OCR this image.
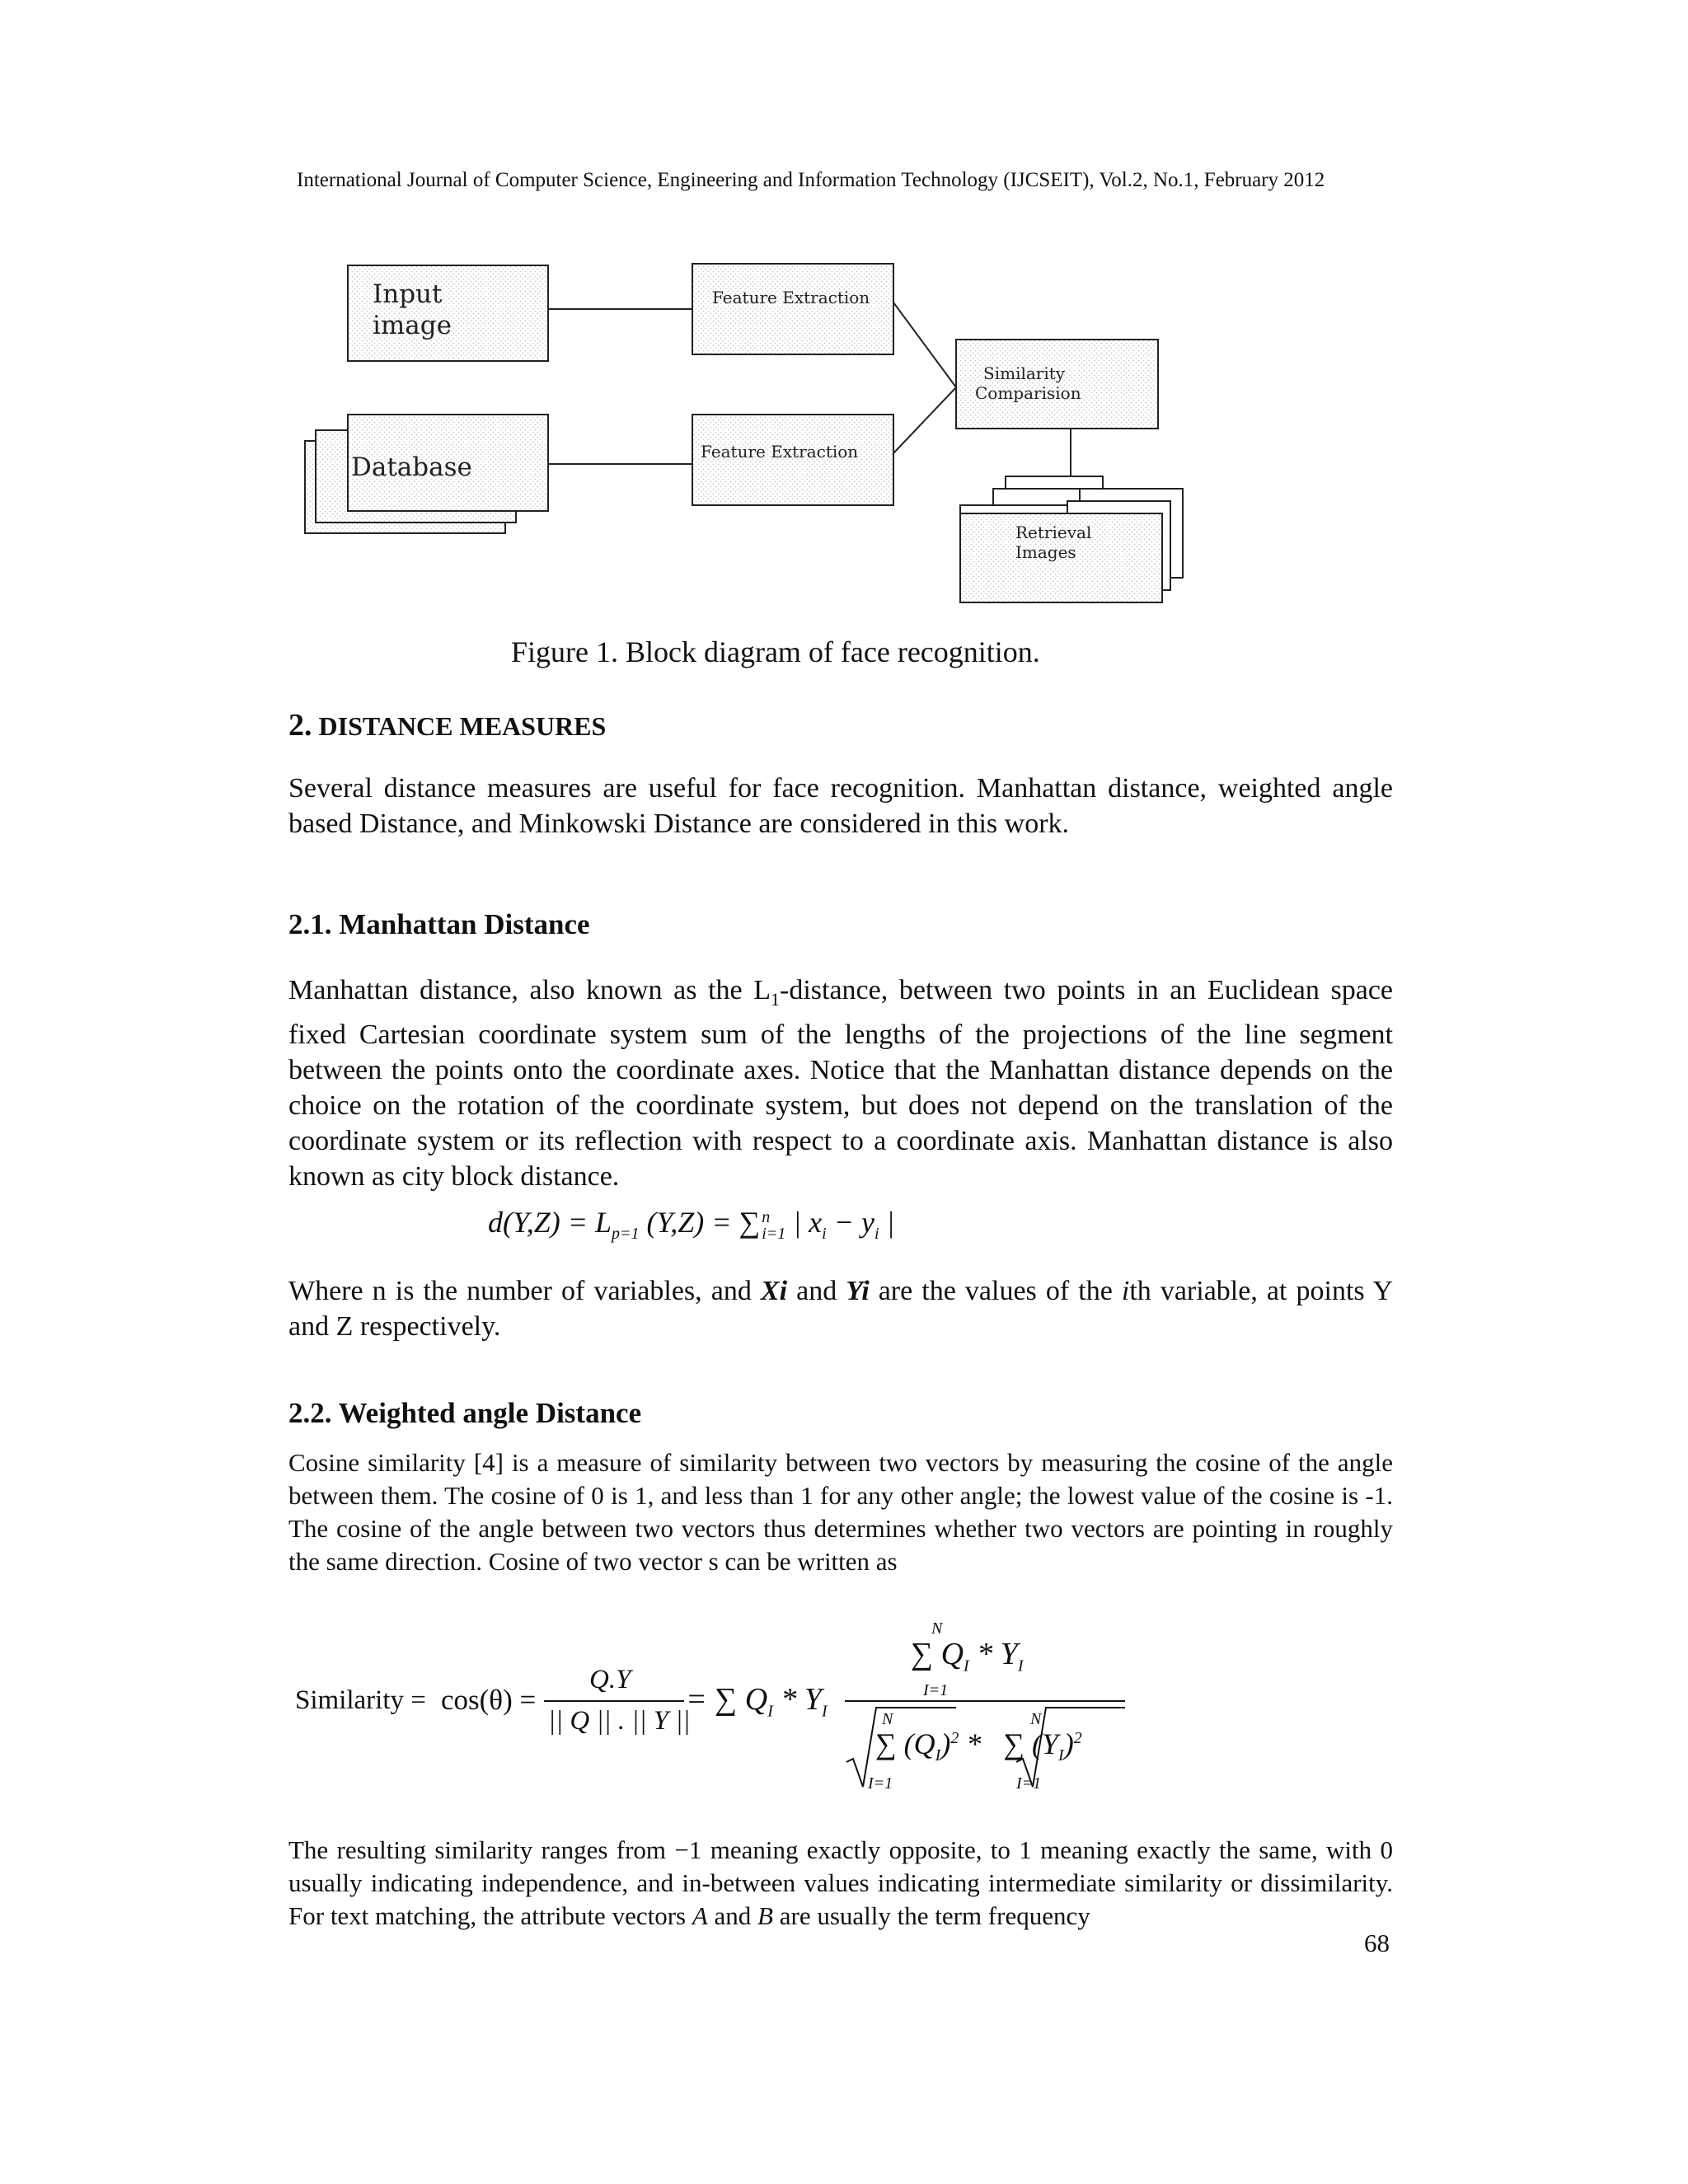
International Journal of Computer Science, Engineering and Information Technology (IJCSEIT), Vol.2, No.1, February 2012
Input
image
Database
Feature Extraction
Feature Extraction
Similarity
Comparision
Retrieval
Images
Figure 1. Block diagram of face recognition.
2. DISTANCE MEASURES
Several distance measures are useful for face recognition. Manhattan distance, weighted angle based Distance, and Minkowski Distance are considered in this work.
2.1. Manhattan Distance
Manhattan distance, also known as the $L_1$-distance, between two points in an Euclidean space fixed Cartesian coordinate system sum of the lengths of the projections of the line segment between the points onto the coordinate axes. Notice that the Manhattan distance depends on the choice on the rotation of the coordinate system, but does not depend on the translation of the coordinate system or its reflection with respect to a coordinate axis. Manhattan distance is also known as city block distance.
$d(Y,Z) = L_{p=1}$ (Y,Z) = ∑ n
i=1 | $x_i - y_i$ |
Where n is the number of variables, and Xi and Yi are the values of the ith variable, at points Y and Z respectively.
2.2. Weighted angle Distance
Cosine similarity [4] is a measure of similarity between two vectors by measuring the cosine of the angle between them. The cosine of 0 is 1, and less than 1 for any other angle; the lowest value of the cosine is -1. The cosine of the angle between two vectors thus determines whether two vectors are pointing in roughly the same direction. Cosine of two vector s can be written as
Similarity = cos(θ) =
Q.Y
|| Q || . || Y ||
= ∑ $Q_I * Y_I$
N
∑ $Q_I * Y_I$
I=1
N	N
∑ $(Q_I)^2$ * ∑ $(Y_I)^2$
I=1	I=1
The resulting similarity ranges from −1 meaning exactly opposite, to 1 meaning exactly the same, with 0 usually indicating independence, and in-between values indicating intermediate similarity or dissimilarity. For text matching, the attribute vectors A and B are usually the term frequency
68
